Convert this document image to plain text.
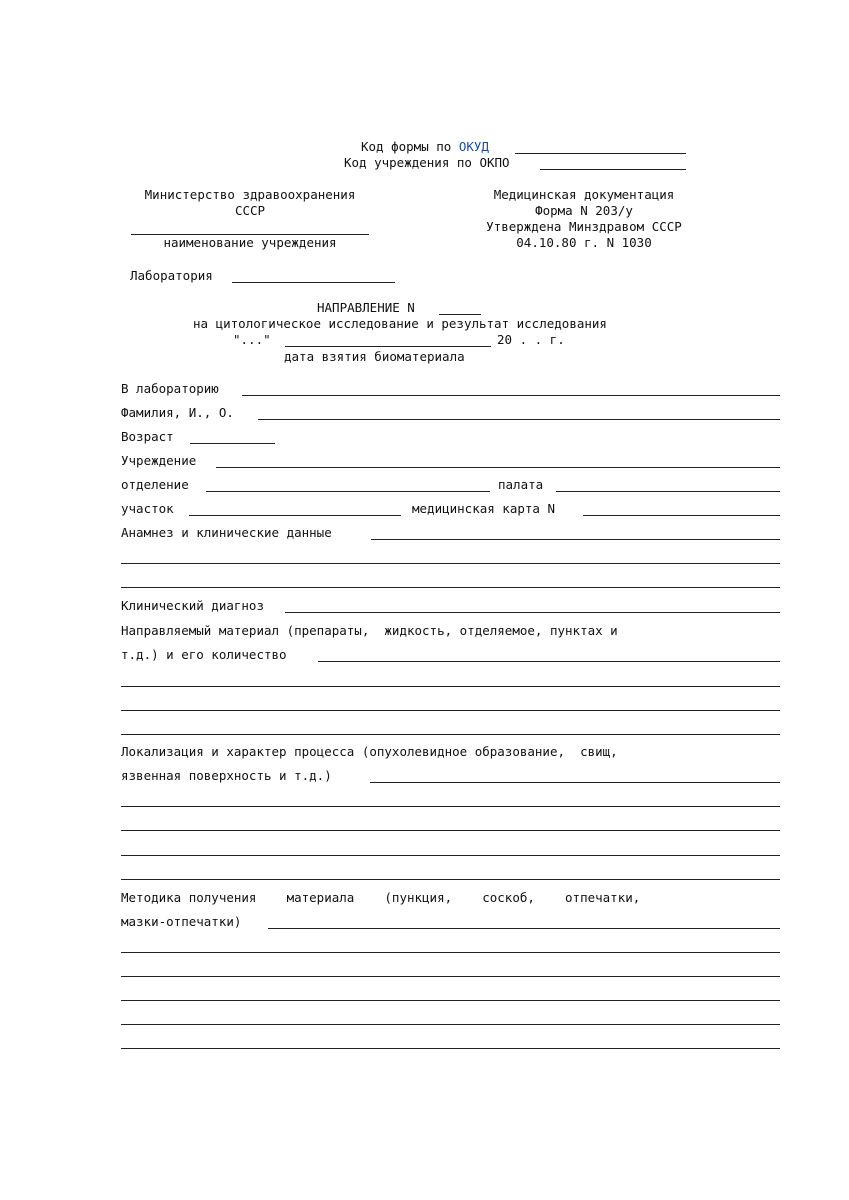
Код формы по ОКУД
Код учреждения по ОКПО
Министерство здравоохранения
СССР
наименование учреждения
Медицинская документация
Форма N 203/у
Утверждена Минздравом СССР
04.10.80 г. N 1030
Лаборатория
НАПРАВЛЕНИЕ N
на цитологическое исследование и результат исследования
"..."	20 . . г.
дата взятия биоматериала
В лабораторию
Фамилия, И., О.
Возраст
Учреждение
отделение	палата
участок	медицинская карта N
Анамнез и клинические данные
Клинический диагноз
Направляемый материал (препараты,  жидкость, отделяемое, пунктах и
т.д.) и его количество
Локализация и характер процесса (опухолевидное образование,  свищ,
язвенная поверхность и т.д.)
Методика получения    материала    (пункция,    соскоб,    отпечатки,
мазки-отпечатки)
